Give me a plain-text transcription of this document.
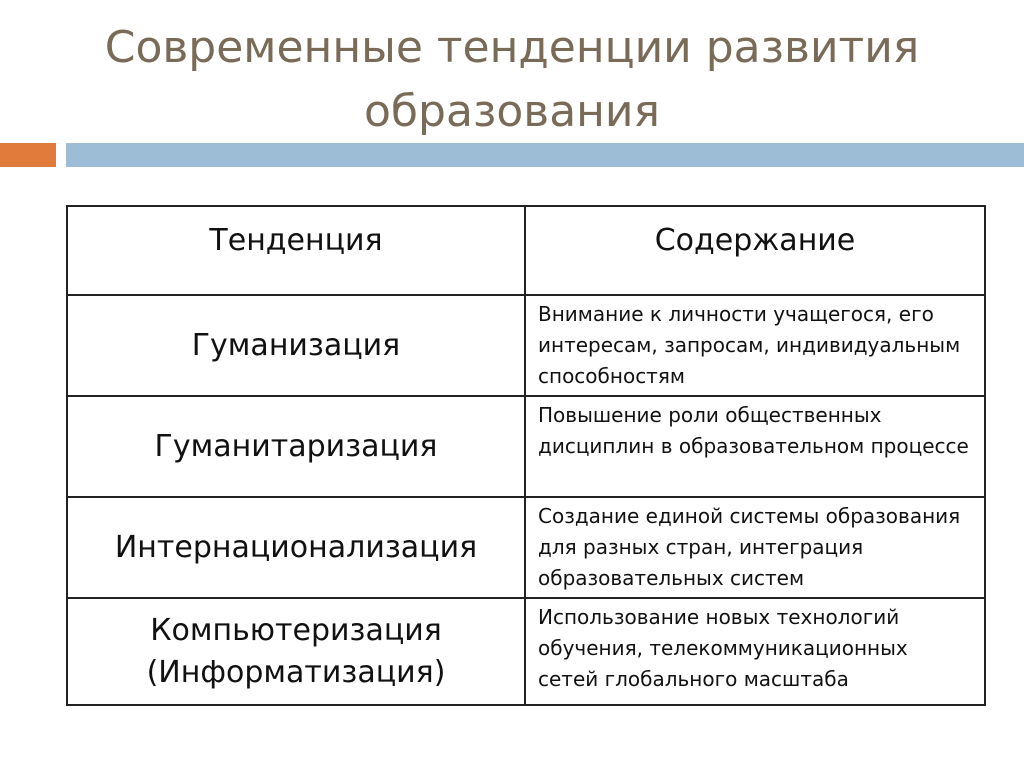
Современные тенденции развития
образования
Тенденция	Содержание
Гуманизация	Внимание к личности учащегося, его интересам, запросам, индивидуальным способностям
Гуманитаризация	Повышение роли общественных дисциплин в образовательном процессе
Интернационализация	Создание единой системы образования для разных стран, интеграция образовательных систем
Компьютеризация (Информатизация)	Использование новых технологий обучения, телекоммуникационных сетей глобального масштаба
